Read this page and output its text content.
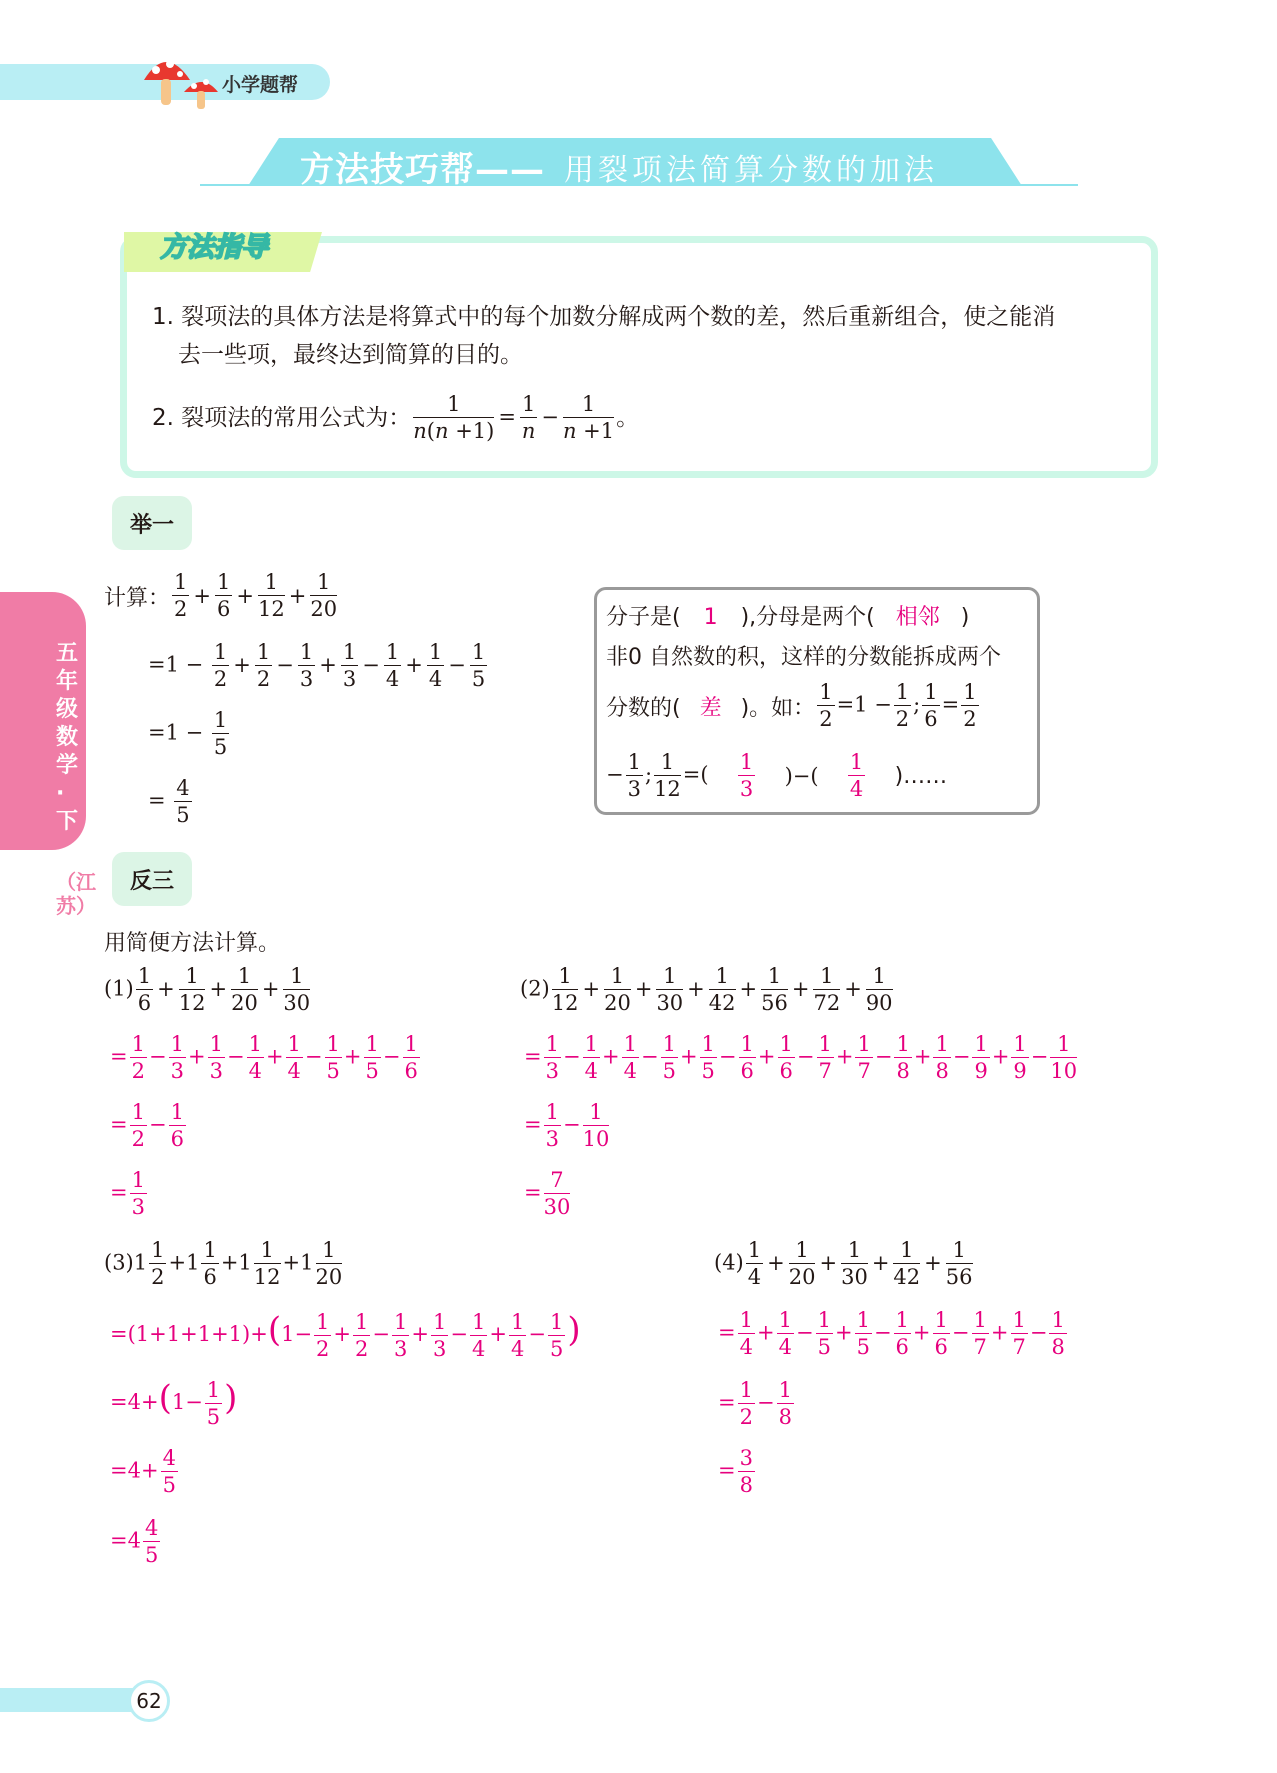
小学题帮
方法技巧帮—— 用裂项法简算分数的加法
方法指导
1. 裂项法的具体方法是将算式中的每个加数分解成两个数的差，然后重新组合，使之能消
去一些项，最终达到简算的目的。
2. 裂项法的常用公式为： $\frac{1}{n(n +1)} = \frac{1}{n} - \frac{1}{n +1}$ 。
举一
计算：
1
2
+ $\frac{1}{6} + \frac{1}{12} + \frac{1}{20}$
$=1 - \frac{1}{2} + \frac{1}{2} - \frac{1}{3} + \frac{1}{3} - \frac{1}{4} + \frac{1}{4} - \frac{1}{5}$
$=1 - \frac{1}{5}$
= $\frac{4}{5}$
分子是( 1 ),分母是两个( 相邻 )
非0 自然数的积，这样的分数能拆成两个
分数的( 差 )。如： $\frac{1}{2} =1 - \frac{1}{2}$ ; $\frac{1}{6} = \frac{1}{2}$
− $\frac{1}{3}$ ; $\frac{1}{12}$ =( $\frac{1}{3}$ )−( $\frac{1}{4}$ )……
五年级数学·下
（江苏）
反三
用简便方法计算。
$(1) \frac{1}{6} + \frac{1}{12} + \frac{1}{20} + \frac{1}{30}$
= $\frac{1}{2} - \frac{1}{3} + \frac{1}{3} - \frac{1}{4} + \frac{1}{4} - \frac{1}{5} + \frac{1}{5} - \frac{1}{6}$
= $\frac{1}{2} - \frac{1}{6}$
= $\frac{1}{3}$
$(2) \frac{1}{12} + \frac{1}{20} + \frac{1}{30} + \frac{1}{42} + \frac{1}{56} + \frac{1}{72} + \frac{1}{90}$
= $\frac{1}{3} - \frac{1}{4} + \frac{1}{4} - \frac{1}{5} + \frac{1}{5} - \frac{1}{6} + \frac{1}{6} - \frac{1}{7} + \frac{1}{7} - \frac{1}{8} + \frac{1}{8} - \frac{1}{9} + \frac{1}{9} - \frac{1}{10}$
= $\frac{1}{3} - \frac{1}{10}$
= $\frac{7}{30}$
$(3)1 \frac{1}{2} +1 \frac{1}{6} +1 \frac{1}{12} +1 \frac{1}{20}$
$=(1+1+1+1)+(1- \frac{1}{2} + \frac{1}{2} - \frac{1}{3} + \frac{1}{3} - \frac{1}{4} + \frac{1}{4} - \frac{1}{5}$ )
$=4+(1- \frac{1}{5}$ )
$=4+ \frac{4}{5}$
$=4 \frac{4}{5}$
$(4) \frac{1}{4} + \frac{1}{20} + \frac{1}{30} + \frac{1}{42} + \frac{1}{56}$
= $\frac{1}{4} + \frac{1}{4} - \frac{1}{5} + \frac{1}{5} - \frac{1}{6} + \frac{1}{6} - \frac{1}{7} + \frac{1}{7} - \frac{1}{8}$
= $\frac{1}{2} - \frac{1}{8}$
= $\frac{3}{8}$
62
